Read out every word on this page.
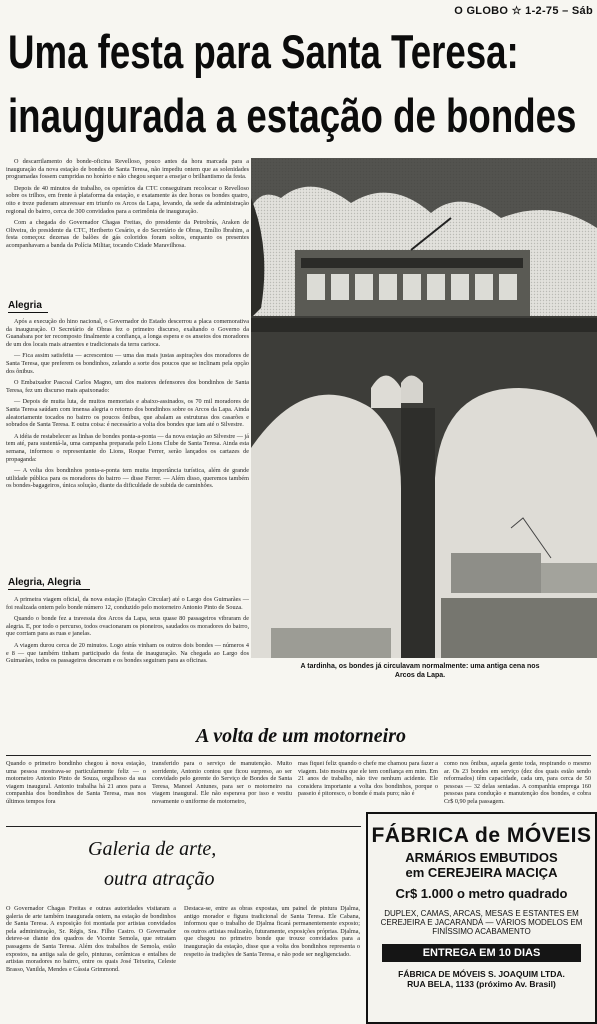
O GLOBO ☆ 1-2-75 – Sáb
Uma festa para Santa Teresa:
inaugurada a estação de bondes

O descarrilamento do bonde-oficina Revelloso, pouco antes da hora marcada para a inauguração da nova estação de bondes de Santa Teresa, não impediu ontem que as solenidades programadas fossem cumpridas no horário e não chegou sequer a ensejar o brilhantismo da festa.

Depois de 40 minutos de trabalho, os operários da CTC conseguiram recolocar o Revelloso sobre os trilhos, em frente à plataforma da estação, e exatamente às dez horas os bondes quatro, oito e treze puderam atravessar em triunfo os Arcos da Lapa, levando, da sede da administração regional do bairro, cerca de 300 convidados para a cerimônia de inauguração.

Com a chegada do Governador Chagas Freitas, do presidente da Petrobrás, Araken de Oliveira, do presidente da CTC, Heriberto Cesário, e do Secretário de Obras, Emílio Ibrahim, a festa começou: dezenas de balões de gás coloridos foram soltos, enquanto os presentes acompanhavam a banda da Polícia Militar, tocando Cidade Maravilhosa.

Alegria

Após a execução do hino nacional, o Governador do Estado descerrou a placa comemorativa da inauguração. O Secretário de Obras fez o primeiro discurso, exaltando o Governo da Guanabara por ter recomposto finalmente a confiança, a longa espera e os anseios dos moradores de um dos locais mais atraentes e tradicionais da terra carioca.

— Fica assim satisfeita — acrescentou — uma das mais justas aspirações dos moradores de Santa Teresa, que preferem os bondinhos, zelando a sorte dos poucos que se inclinam pela opção dos ônibus.

O Embaixador Pascoal Carlos Magno, um dos maiores defensores dos bondinhos de Santa Teresa, fez um discurso mais apaixonado:

— Depois de muita luta, de muitos memoriais e abaixo-assinados, os 70 mil moradores de Santa Teresa saúdam com imensa alegria o retorno dos bondinhos sobre os Arcos da Lapa. Ainda aleatoriamente tocados no bairro os poucos ônibus, que abalam as estruturas dos casarões e sobrados de Santa Teresa. E outra coisa: é necessário a volta dos bondes que iam até o Silvestre.

A idéia de restabelecer as linhas de bondes ponta-a-ponta — da nova estação ao Silvestre — já tem até, para sustentá-la, uma campanha preparada pelo Lions Clube de Santa Teresa. Ainda esta semana, informou o representante do Lions, Roque Ferrer, serão lançados os cartazes de propaganda:

— A volta dos bondinhos ponta-a-ponta tem muita importância turística, além de grande utilidade pública para os moradores do bairro — disse Ferrer. — Além disso, queremos também os bondes-bagageiros, única solução, diante da dificuldade de subida de caminhões.

Alegria, Alegria

A primeira viagem oficial, da nova estação (Estação Circular) até o Largo dos Guimarães — foi realizada ontem pelo bonde número 12, conduzido pelo motorneiro Antonio Pinto de Souza.

Quando o bonde fez a travessia dos Arcos da Lapa, seus quase 80 passageiros vibraram de alegria. E, por todo o percurso, todos ovacionaram os pioneiros, saudados os moradores do bairro, que corriam para as ruas e janelas.

A viagem durou cerca de 20 minutos. Logo atrás vinham os outros dois bondes — números 4 e 8 — que também tinham participado da festa de inauguração. Na chegada ao Largo dos Guimarães, todos os passageiros desceram e os bondes seguiram para as oficinas.

A tardinha, os bondes já circulavam normalmente: uma antiga cena nos Arcos da Lapa.
A volta de um motorneiro
Quando o primeiro bondinho chegou à nova estação, uma pessoa mostrava-se particularmente feliz — o motorneiro Antonio Pinto de Souza, orgulhoso da sua viagem inaugural. Antonio trabalha há 21 anos para a companhia dos bondinhos de Santa Teresa, mas nos últimos tempos fora
transferido para o serviço de manutenção. Muito sorridente, Antonio contou que ficou surpreso, ao ser convidado pelo gerente do Serviço de Bondes de Santa Teresa, Manoel Antunes, para ser o motorneiro na viagem inaugural. Ele não esperava por isso e vestiu novamente o uniforme de motorneiro,
mas fiquei feliz quando o chefe me chamou para fazer a viagem. Isto mostra que ele tem confiança em mim. Em 21 anos de trabalho, não tive nenhum acidente. Ele considera importante a volta dos bondinhos, porque o passeio é pitoresco, o bonde é mais puro; não é
como nos ônibus, aquela gente toda, respirando o mesmo ar. Os 23 bondes em serviço (dez dos quais estão sendo reformados) têm capacidade, cada um, para cerca de 50 pessoas — 32 delas sentadas. A companhia emprega 160 pessoas para condução e manutenção dos bondes, e cobra Cr$ 0,90 pela passagem.
Galeria de arte,
outra atração
O Governador Chagas Freitas e outras autoridades visitaram a galeria de arte também inaugurada ontem, na estação de bondinhos de Santa Teresa. A exposição foi montada por artistas convidados pela administração, Sr. Régis, Sra. Filho Castro. O Governador deteve-se diante dos quadros de Vicente Semola, que retratam passagens de Santa Teresa. Além dos trabalhos de Semola, estão expostos, na antiga sala de gelo, pinturas, cerâmicas e entalhes de artistas moradores no bairro, entre os quais José Teixeira, Celeste Brasso, Vanilda, Mendes e Cássia Grimmond.
Destaca-se, entre as obras expostas, um painel de pintura Djalma, antigo morador e figura tradicional de Santa Teresa. Ele Cabana, informou que o trabalho de Djalma ficará permanentemente exposto; os outros artistas realizarão, futuramente, exposições próprias. Djalma, que chegou no primeiro bonde que trouxe convidados para a inauguração da estação, disse que a volta dos bondinhos representa o respeito às tradições de Santa Teresa, e não pode ser negligenciado.
FÁBRICA de MÓVEIS
ARMÁRIOS EMBUTIDOS
em CEREJEIRA MACIÇA
Cr$ 1.000 o metro quadrado
DUPLEX, CAMAS, ARCAS, MESAS E ESTANTES EM CEREJEIRA E JACARANDÁ — VÁRIOS MODELOS EM FINÍSSIMO ACABAMENTO
ENTREGA EM 10 DIAS
FÁBRICA DE MÓVEIS S. JOAQUIM LTDA.
RUA BELA, 1133 (próximo Av. Brasil)
